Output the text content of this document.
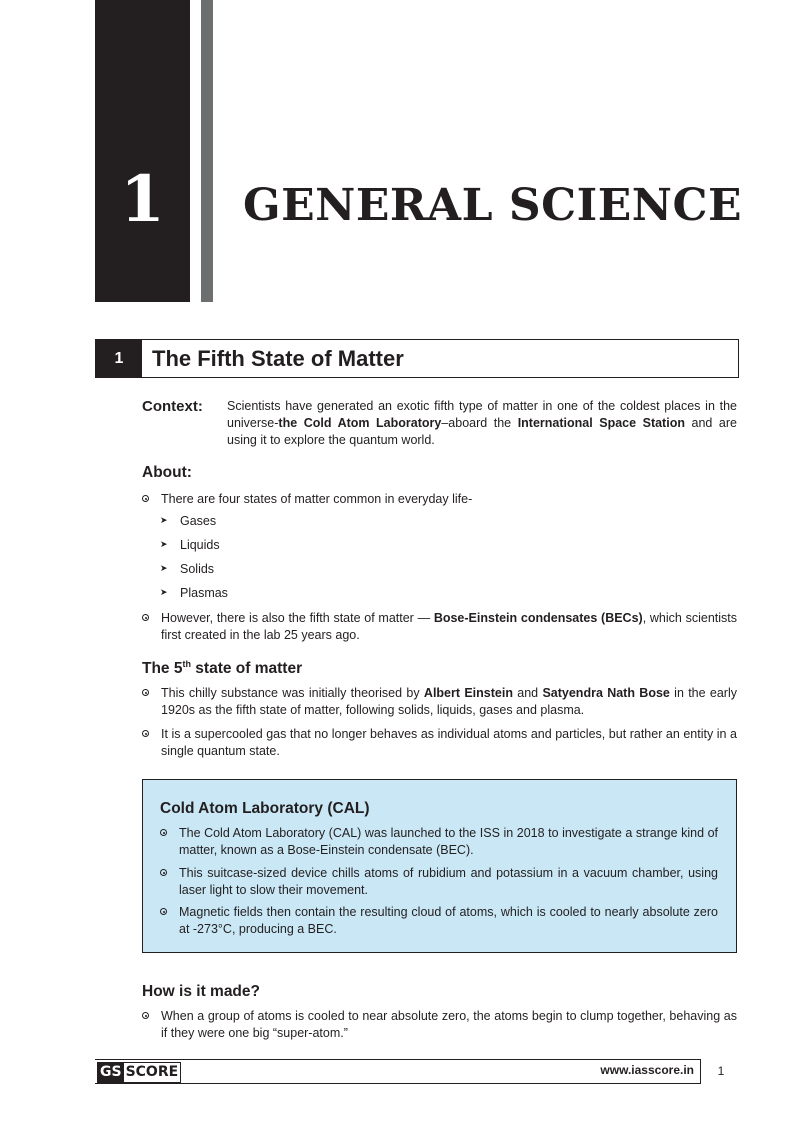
1	GENERAL SCIENCE
1	The Fifth State of Matter
Context: Scientists have generated an exotic fifth type of matter in one of the coldest places in the universe-the Cold Atom Laboratory–aboard the International Space Station and are using it to explore the quantum world.
About:
There are four states of matter common in everyday life-
➤ Gases
➤ Liquids
➤ Solids
➤ Plasmas
However, there is also the fifth state of matter — Bose-Einstein condensates (BECs), which scientists first created in the lab 25 years ago.
The 5th state of matter
This chilly substance was initially theorised by Albert Einstein and Satyendra Nath Bose in the early 1920s as the fifth state of matter, following solids, liquids, gases and plasma.
It is a supercooled gas that no longer behaves as individual atoms and particles, but rather an entity in a single quantum state.
Cold Atom Laboratory (CAL)
The Cold Atom Laboratory (CAL) was launched to the ISS in 2018 to investigate a strange kind of matter, known as a Bose-Einstein condensate (BEC).
This suitcase-sized device chills atoms of rubidium and potassium in a vacuum chamber, using laser light to slow their movement.
Magnetic fields then contain the resulting cloud of atoms, which is cooled to nearly absolute zero at -273°C, producing a BEC.
How is it made?
When a group of atoms is cooled to near absolute zero, the atoms begin to clump together, behaving as if they were one big “super-atom.”
GS SCORE	www.iasscore.in	1
